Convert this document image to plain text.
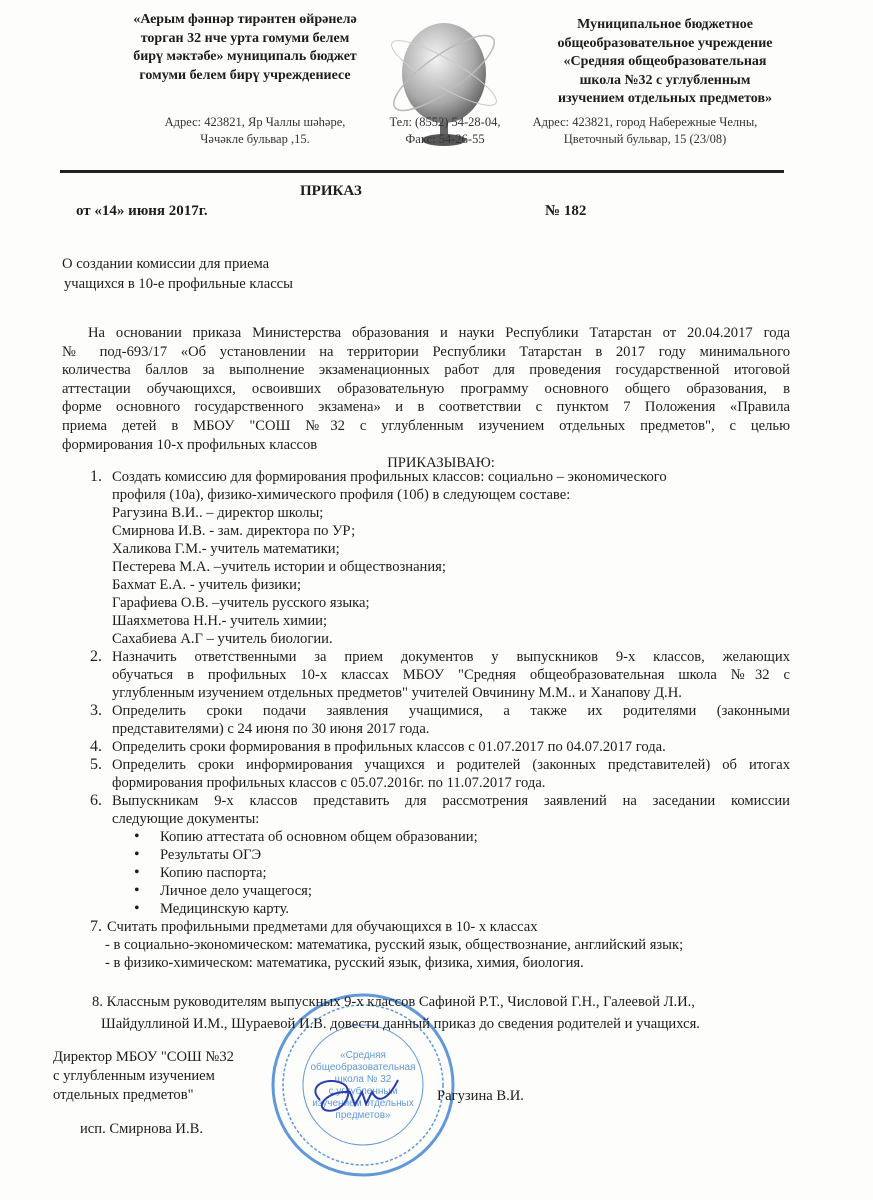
«Аерым фәннәр тирәнтен өйрәнелә
торган 32 нче урта гомуми белем
бирү мәктәбе» муниципаль бюджет
гомуми белем бирү учреждениесе
Муниципальное бюджетное
общеобразовательное учреждение
«Средняя общеобразовательная
школа №32 с углубленным
изучением отдельных предметов»
Адрес: 423821, Яр Чаллы шәһәре,
Чәчәкле бульвар ,15.
Тел: (8552) 54-28-04,
Факс: 54-26-55
Адрес: 423821, город Набережные Челны,
Цветочный бульвар, 15 (23/08)
ПРИКАЗ
от «14» июня 2017г.	№ 182
О создании комиссии для приема
учащихся в 10-е профильные классы
На основании приказа Министерства образования и науки Республики Татарстан от 20.04.2017 года
№ под-693/17 «Об установлении на территории Республики Татарстан в 2017 году минимального
количества баллов за выполнение экзаменационных работ для проведения государственной итоговой
аттестации обучающихся, освоивших образовательную программу основного общего образования, в
форме основного государственного экзамена» и в соответствии с пунктом 7 Положения «Правила
приема детей в МБОУ "СОШ №32 с углубленным изучением отдельных предметов", с целью
формирования 10-х профильных классов
ПРИКАЗЫВАЮ:
1. Создать комиссию для формирования профильных классов: социально – экономического
профиля (10а), физико-химического профиля (10б) в следующем составе:
Рагузина В.И.. – директор школы;
Смирнова И.В. - зам. директора по УР;
Халикова Г.М.- учитель математики;
Пестерева М.А. –учитель истории и обществознания;
Бахмат Е.А. - учитель физики;
Гарафиева О.В. –учитель русского языка;
Шаяхметова Н.Н.- учитель химии;
Сахабиева А.Г – учитель биологии.
2. Назначить ответственными за прием документов у выпускников 9-х классов, желающих
обучаться в профильных 10-х классах МБОУ "Средняя общеобразовательная школа №32 с
углубленным изучением отдельных предметов" учителей Овчинину М.М.. и Ханапову Д.Н.
3. Определить сроки подачи заявления учащимися, а также их родителями (законными
представителями) с 24 июня по 30 июня 2017 года.
4. Определить сроки формирования в профильных классов с 01.07.2017 по 04.07.2017 года.
5. Определить сроки информирования учащихся и родителей (законных представителей) об итогах
формирования профильных классов с 05.07.2016г. по 11.07.2017 года.
6. Выпускникам 9-х классов представить для рассмотрения заявлений на заседании комиссии
следующие документы:
• Копию аттестата об основном общем образовании;
• Результаты ОГЭ
• Копию паспорта;
• Личное дело учащегося;
• Медицинскую карту.
7. Считать профильными предметами для обучающихся в 10- х классах
- в социально-экономическом: математика, русский язык, обществознание, английский язык;
- в физико-химическом: математика, русский язык, физика, химия, биология.
«Средняя
общеобразовательная
школа № 32
с углубленным
изучением отдельных
предметов»
8. Классным руководителям выпускных 9-х классов Сафиной Р.Т., Числовой Г.Н., Галеевой Л.И.,
Шайдуллиной И.М., Шураевой И.В. довести данный приказ до сведения родителей и учащихся.
Директор МБОУ "СОШ №32
с углубленным изучением
отдельных предметов"	Рагузина В.И.
исп. Смирнова И.В.
